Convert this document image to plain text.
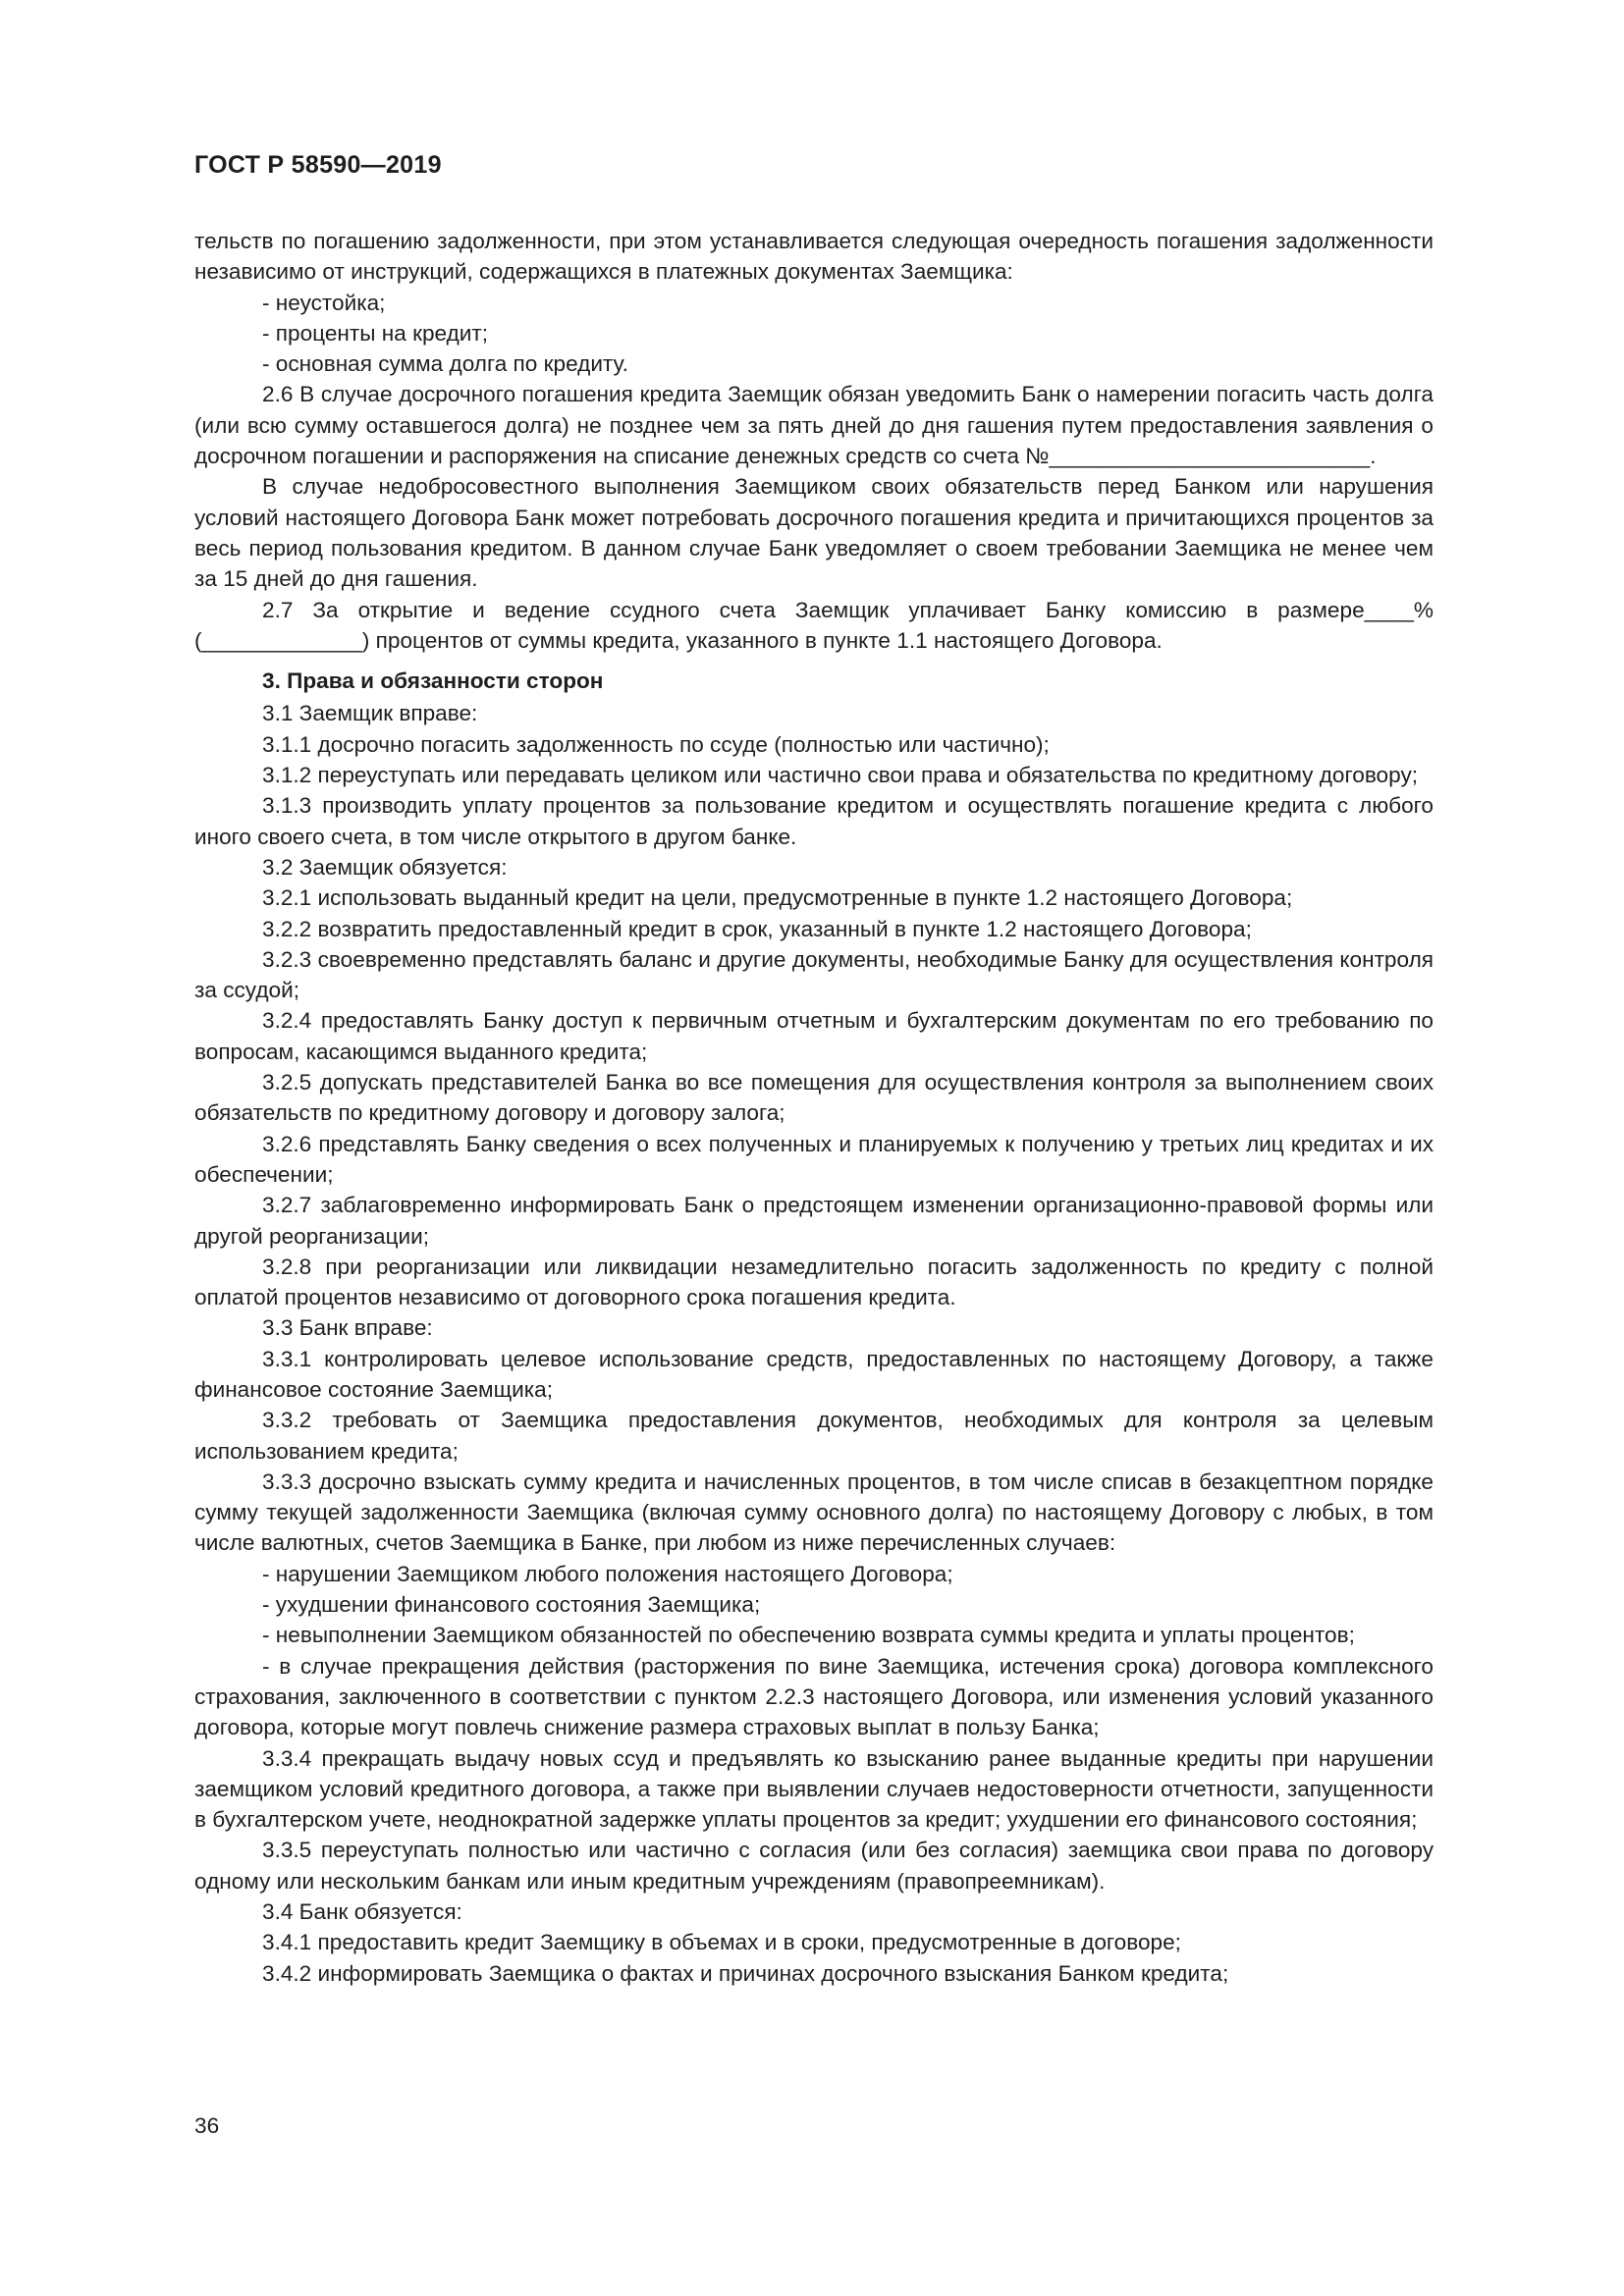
ГОСТ Р 58590—2019

тельств по погашению задолженности, при этом устанавливается следующая очередность погашения задолженности независимо от инструкций, содержащихся в платежных документах Заемщика:

- неустойка;

- проценты на кредит;

- основная сумма долга по кредиту.

2.6 В случае досрочного погашения кредита Заемщик обязан уведомить Банк о намерении погасить часть долга (или всю сумму оставшегося долга) не позднее чем за пять дней до дня гашения путем предоставления заявления о досрочном погашении и распоряжения на списание денежных средств со счета №__________________________.

В случае недобросовестного выполнения Заемщиком своих обязательств перед Банком или нарушения условий настоящего Договора Банк может потребовать досрочного погашения кредита и причитающихся процентов за весь период пользования кредитом. В данном случае Банк уведомляет о своем требовании Заемщика не менее чем за 15 дней до дня гашения.

2.7 За открытие и ведение ссудного счета Заемщик уплачивает Банку комиссию в размере____% (_____________) процентов от суммы кредита, указанного в пункте 1.1 настоящего Договора.

3. Права и обязанности сторон

3.1 Заемщик вправе:

3.1.1 досрочно погасить задолженность по ссуде (полностью или частично);

3.1.2 переуступать или передавать целиком или частично свои права и обязательства по кредитному договору;

3.1.3 производить уплату процентов за пользование кредитом и осуществлять погашение кредита с любого иного своего счета, в том числе открытого в другом банке.

3.2 Заемщик обязуется:

3.2.1 использовать выданный кредит на цели, предусмотренные в пункте 1.2 настоящего Договора;

3.2.2 возвратить предоставленный кредит в срок, указанный в пункте 1.2 настоящего Договора;

3.2.3 своевременно представлять баланс и другие документы, необходимые Банку для осуществления контроля за ссудой;

3.2.4 предоставлять Банку доступ к первичным отчетным и бухгалтерским документам по его требованию по вопросам, касающимся выданного кредита;

3.2.5 допускать представителей Банка во все помещения для осуществления контроля за выполнением своих обязательств по кредитному договору и договору залога;

3.2.6 представлять Банку сведения о всех полученных и планируемых к получению у третьих лиц кредитах и их обеспечении;

3.2.7 заблаговременно информировать Банк о предстоящем изменении организационно-правовой формы или другой реорганизации;

3.2.8 при реорганизации или ликвидации незамедлительно погасить задолженность по кредиту с полной оплатой процентов независимо от договорного срока погашения кредита.

3.3 Банк вправе:

3.3.1 контролировать целевое использование средств, предоставленных по настоящему Договору, а также финансовое состояние Заемщика;

3.3.2 требовать от Заемщика предоставления документов, необходимых для контроля за целевым использованием кредита;

3.3.3 досрочно взыскать сумму кредита и начисленных процентов, в том числе списав в безакцептном порядке сумму текущей задолженности Заемщика (включая сумму основного долга) по настоящему Договору с любых, в том числе валютных, счетов Заемщика в Банке, при любом из ниже перечисленных случаев:

- нарушении Заемщиком любого положения настоящего Договора;

- ухудшении финансового состояния Заемщика;

- невыполнении Заемщиком обязанностей по обеспечению возврата суммы кредита и уплаты процентов;

- в случае прекращения действия (расторжения по вине Заемщика, истечения срока) договора комплексного страхования, заключенного в соответствии с пунктом 2.2.3 настоящего Договора, или изменения условий указанного договора, которые могут повлечь снижение размера страховых выплат в пользу Банка;

3.3.4 прекращать выдачу новых ссуд и предъявлять ко взысканию ранее выданные кредиты при нарушении заемщиком условий кредитного договора, а также при выявлении случаев недостоверности отчетности, запущенности в бухгалтерском учете, неоднократной задержке уплаты процентов за кредит; ухудшении его финансового состояния;

3.3.5 переуступать полностью или частично с согласия (или без согласия) заемщика свои права по договору одному или нескольким банкам или иным кредитным учреждениям (правопреемникам).

3.4 Банк обязуется:

3.4.1 предоставить кредит Заемщику в объемах и в сроки, предусмотренные в договоре;

3.4.2 информировать Заемщика о фактах и причинах досрочного взыскания Банком кредита;

36
